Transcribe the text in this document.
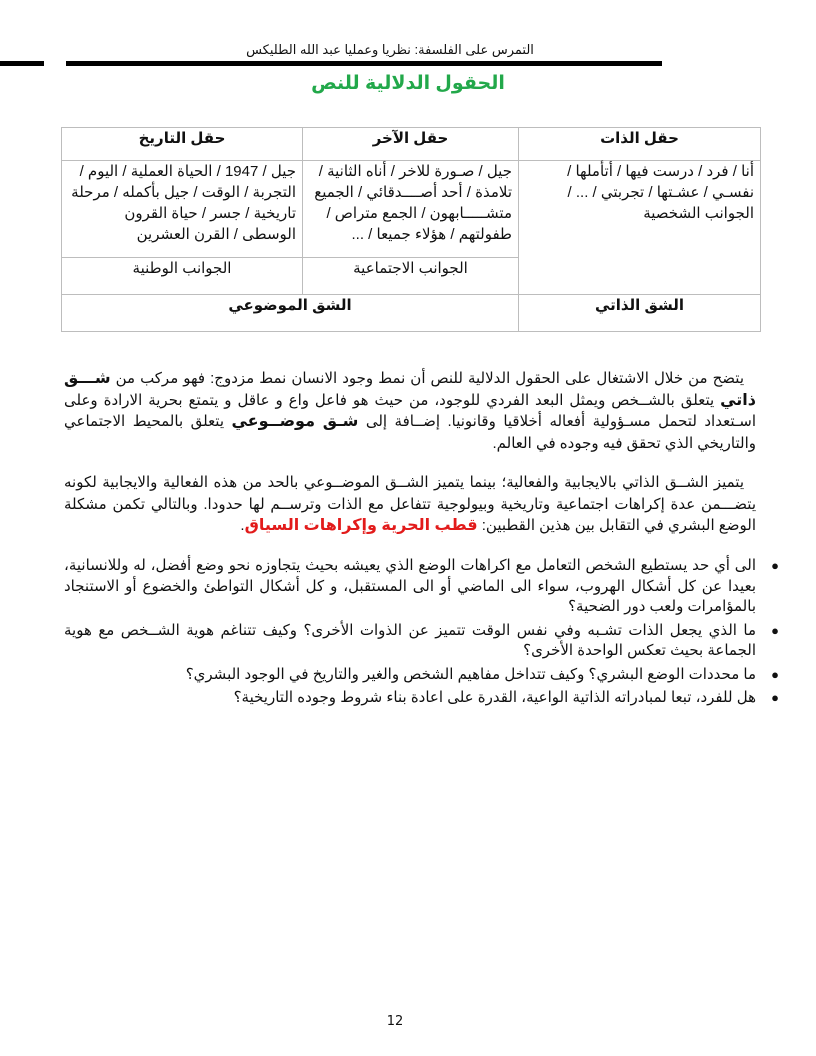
التمرس على الفلسفة: نظريا وعمليا عبد الله الطليكس
الحقول الدلالية للنص
حقل الذات	حقل الآخر	حقل التاريخ
أنا / فرد / درست فيها / أتأملها / نفسـي / عشـتها / تجربتي / ... / الجوانب الشخصية	جيل / صـورة للاخر / أناه الثانية / تلامذة / أحد أصــــدقائي / الجميع متشـــــابهون / الجمع متراص / طفولتهم / هؤلاء جميعا / ...	جيل / 1947 / الحياة العملية / اليوم / التجربة / الوقت / جيل بأكمله / مرحلة تاريخية / جسر / حياة القرون الوسطى / القرن العشرين
	الجوانب الاجتماعية	الجوانب الوطنية
الشق الذاتي	الشق الموضوعي	
يتضح من خلال الاشتغال على الحقول الدلالية للنص أن نمط وجود الانسان نمط مزدوج: فهو مركب من شـــق ذاتي يتعلق بالشــخص ويمثل البعد الفردي للوجود، من حيث هو فاعل واع و عاقل و يتمتع بحرية الارادة وعلى اسـتعداد لتحمل مسـؤولية أفعاله أخلاقيا وقانونيا. إضــافة إلى شـق موضــوعي يتعلق بالمحيط الاجتماعي والتاريخي الذي تحقق فيه وجوده في العالم.
يتميز الشــق الذاتي بالايجابية والفعالية؛ بينما يتميز الشــق الموضــوعي بالحد من هذه الفعالية والايجابية لكونه يتضـــمن عدة إكراهات اجتماعية وتاريخية وبيولوجية تتفاعل مع الذات وترســم لها حدودا. وبالتالي تكمن مشكلة الوضع البشري في التقابل بين هذين القطبين: قطب الحرية وإكراهات السياق.
●
الى أي حد يستطيع الشخص التعامل مع اكراهات الوضع الذي يعيشه بحيث يتجاوزه نحو وضع أفضل، له وللانسانية، بعيدا عن كل أشكال الهروب، سواء الى الماضي أو الى المستقبل، و كل أشكال التواطئ والخضوع أو الاستنجاد بالمؤامرات ولعب دور الضحية؟
●
ما الذي يجعل الذات تشـبه وفي نفس الوقت تتميز عن الذوات الأخرى؟ وكيف تتناغم هوية الشــخص مع هوية الجماعة بحيث تعكس الواحدة الأخرى؟
●
ما محددات الوضع البشري؟ وكيف تتداخل مفاهيم الشخص والغير والتاريخ في الوجود البشري؟
●
هل للفرد، تبعا لمبادراته الذاتية الواعية، القدرة على اعادة بناء شروط وجوده التاريخية؟
12
